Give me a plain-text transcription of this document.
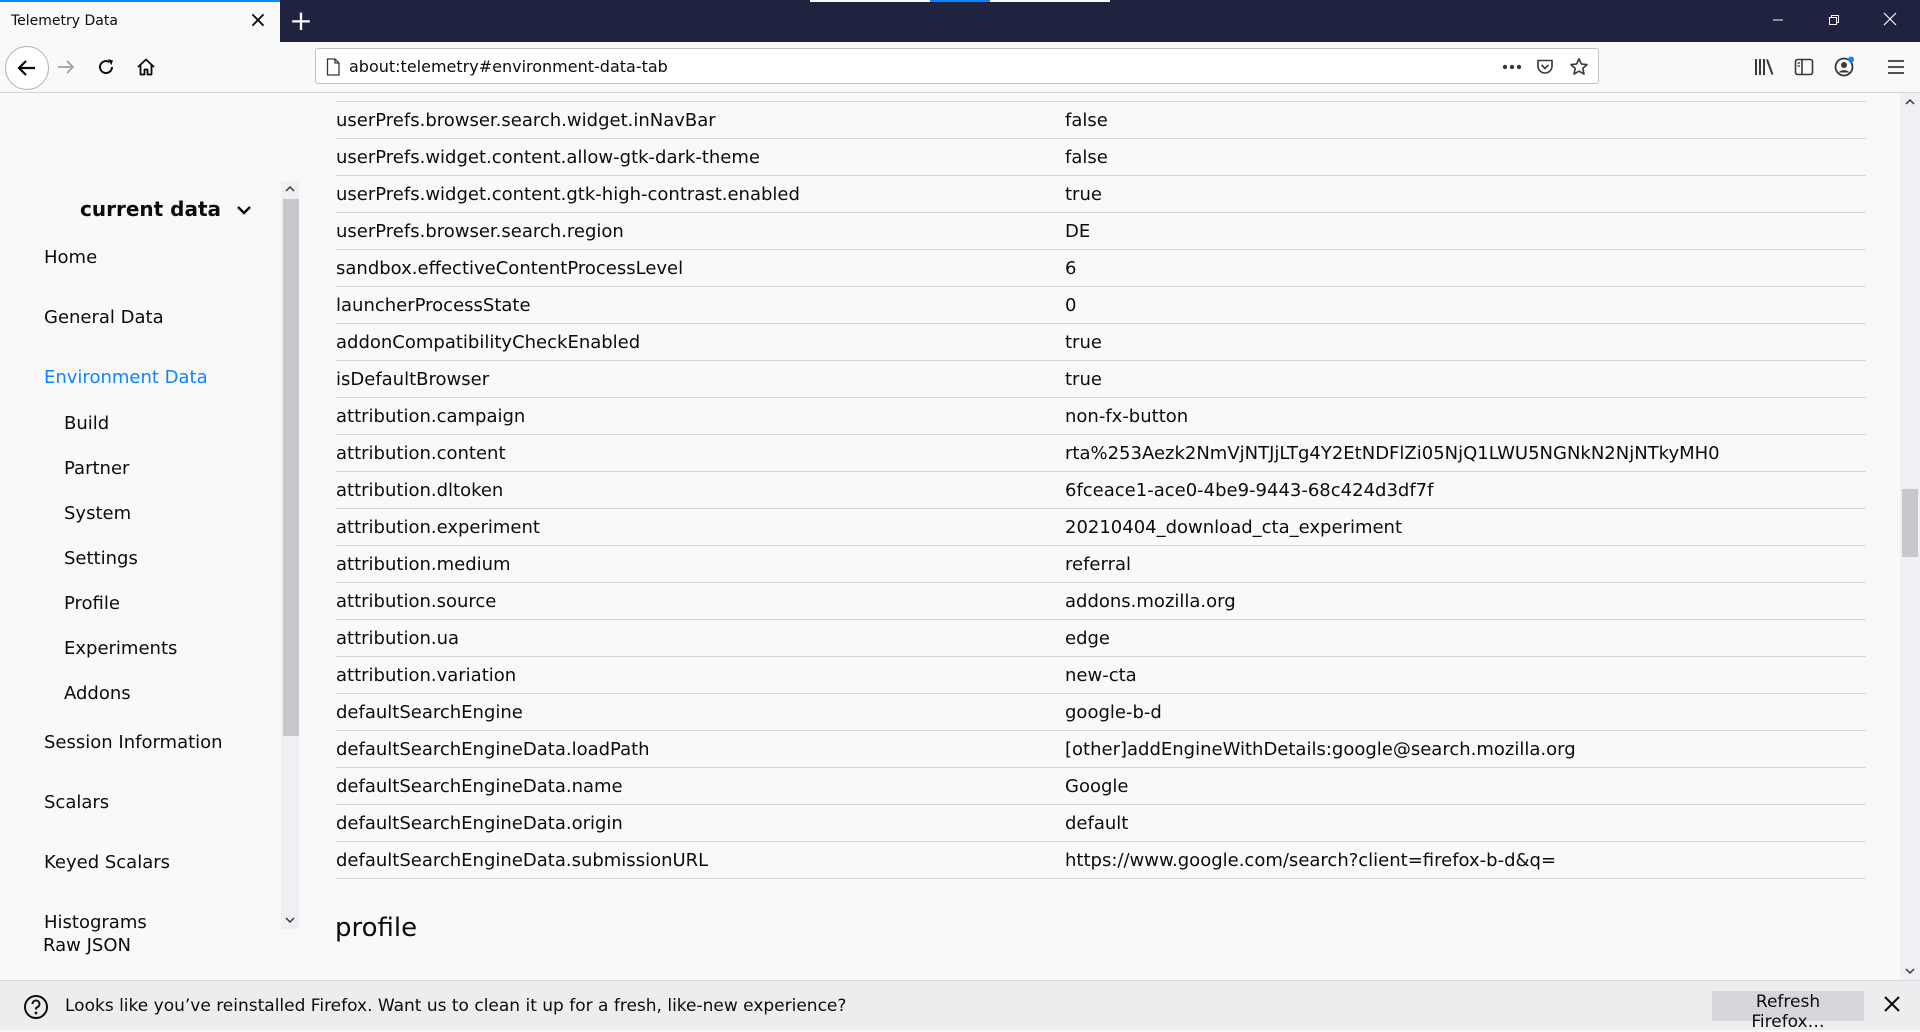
Telemetry Data	× +
about:telemetry#environment-data-tab
current data
Home
General Data
Environment Data
Build
Partner
System
Settings
Profile
Experiments
Addons
Session Information
Scalars
Keyed Scalars
Histograms
Raw JSON
userPrefs.browser.search.widget.inNavBar	false
userPrefs.widget.content.allow-gtk-dark-theme	false
userPrefs.widget.content.gtk-high-contrast.enabled	true
userPrefs.browser.search.region	DE
sandbox.effectiveContentProcessLevel	6
launcherProcessState	0
addonCompatibilityCheckEnabled	true
isDefaultBrowser	true
attribution.campaign	non-fx-button
attribution.content	rta%253Aezk2NmVjNTJjLTg4Y2EtNDFlZi05NjQ1LWU5NGNkN2NjNTkyMH0
attribution.dltoken	6fceace1-ace0-4be9-9443-68c424d3df7f
attribution.experiment	20210404_download_cta_experiment
attribution.medium	referral
attribution.source	addons.mozilla.org
attribution.ua	edge
attribution.variation	new-cta
defaultSearchEngine	google-b-d
defaultSearchEngineData.loadPath	[other]addEngineWithDetails:google@search.mozilla.org
defaultSearchEngineData.name	Google
defaultSearchEngineData.origin	default
defaultSearchEngineData.submissionURL	https://www.google.com/search?client=firefox-b-d&q=
profile
Looks like you’ve reinstalled Firefox. Want us to clean it up for a fresh, like-new experience?	Refresh Firefox…
